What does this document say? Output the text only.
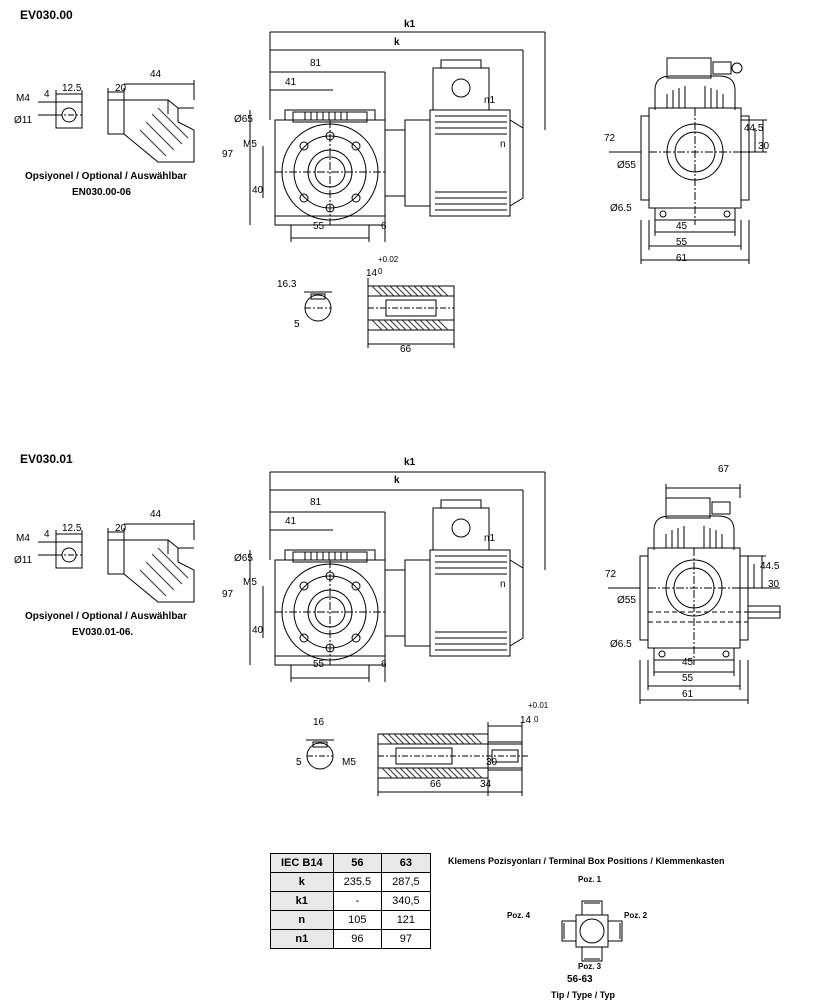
EV030.00
M4 4
12.5
Ø11
20
44
Opsiyonel / Optional / Auswählbar
EN030.00-06
k1
k
81
41
Ø65
M5
97
40
55	6
n1
n
72
Ø55
Ø6.5
45
55
61
44.5
30
16.3
5
14
+0.02
0
66
EV030.01
M4 4
12.5
Ø11
20
44
Opsiyonel / Optional / Auswählbar
EV030.01-06.
k1
k
81
41
Ø65
M5
97
40
55	6
n1
n
67
72
Ø55
Ø6.5
45
55
61
44.5
30
16
5	M5
14
+0.01
0
66	34
30
IEC B14	56	63
k	235.5	287,5
k1	-	340,5
n	105	121
n1	96	97
Klemens Pozisyonları / Terminal Box Positions / Klemmenkasten
Poz. 1
Poz. 2
Poz. 3
Poz. 4
56-63
Tip / Type / Typ
